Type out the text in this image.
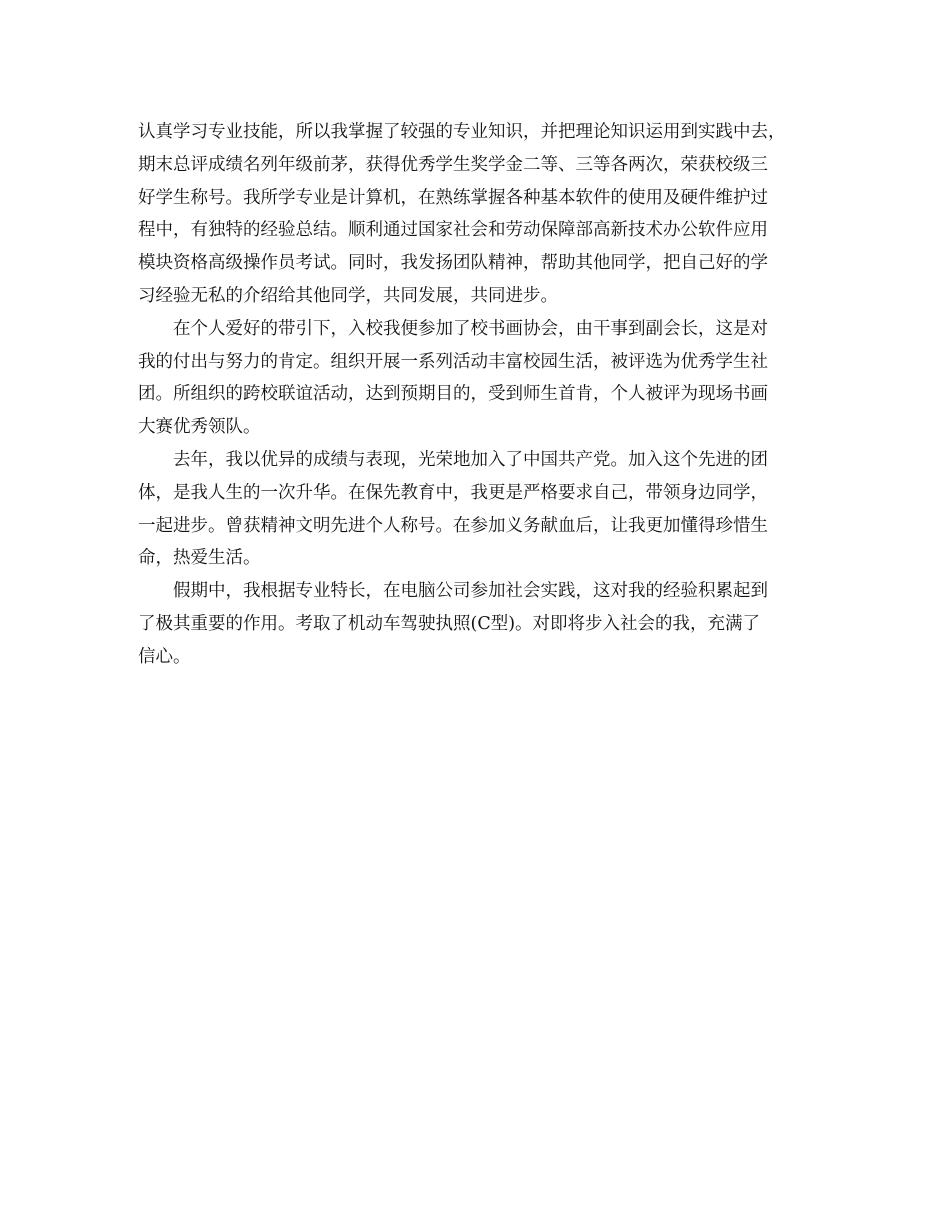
认真学习专业技能，所以我掌握了较强的专业知识，并把理论知识运用到实践中去，
期末总评成绩名列年级前茅，获得优秀学生奖学金二等、三等各两次，荣获校级三
好学生称号。我所学专业是计算机，在熟练掌握各种基本软件的使用及硬件维护过
程中，有独特的经验总结。顺利通过国家社会和劳动保障部高新技术办公软件应用
模块资格高级操作员考试。同时，我发扬团队精神，帮助其他同学，把自己好的学
习经验无私的介绍给其他同学，共同发展，共同进步。
　　在个人爱好的带引下，入校我便参加了校书画协会，由干事到副会长，这是对
我的付出与努力的肯定。组织开展一系列活动丰富校园生活，被评选为优秀学生社
团。所组织的跨校联谊活动，达到预期目的，受到师生首肯，个人被评为现场书画
大赛优秀领队。
　　去年，我以优异的成绩与表现，光荣地加入了中国共产党。加入这个先进的团
体，是我人生的一次升华。在保先教育中，我更是严格要求自己，带领身边同学，
一起进步。曾获精神文明先进个人称号。在参加义务献血后，让我更加懂得珍惜生
命，热爱生活。
　　假期中，我根据专业特长，在电脑公司参加社会实践，这对我的经验积累起到
了极其重要的作用。考取了机动车驾驶执照(C型)。对即将步入社会的我，充满了
信心。
